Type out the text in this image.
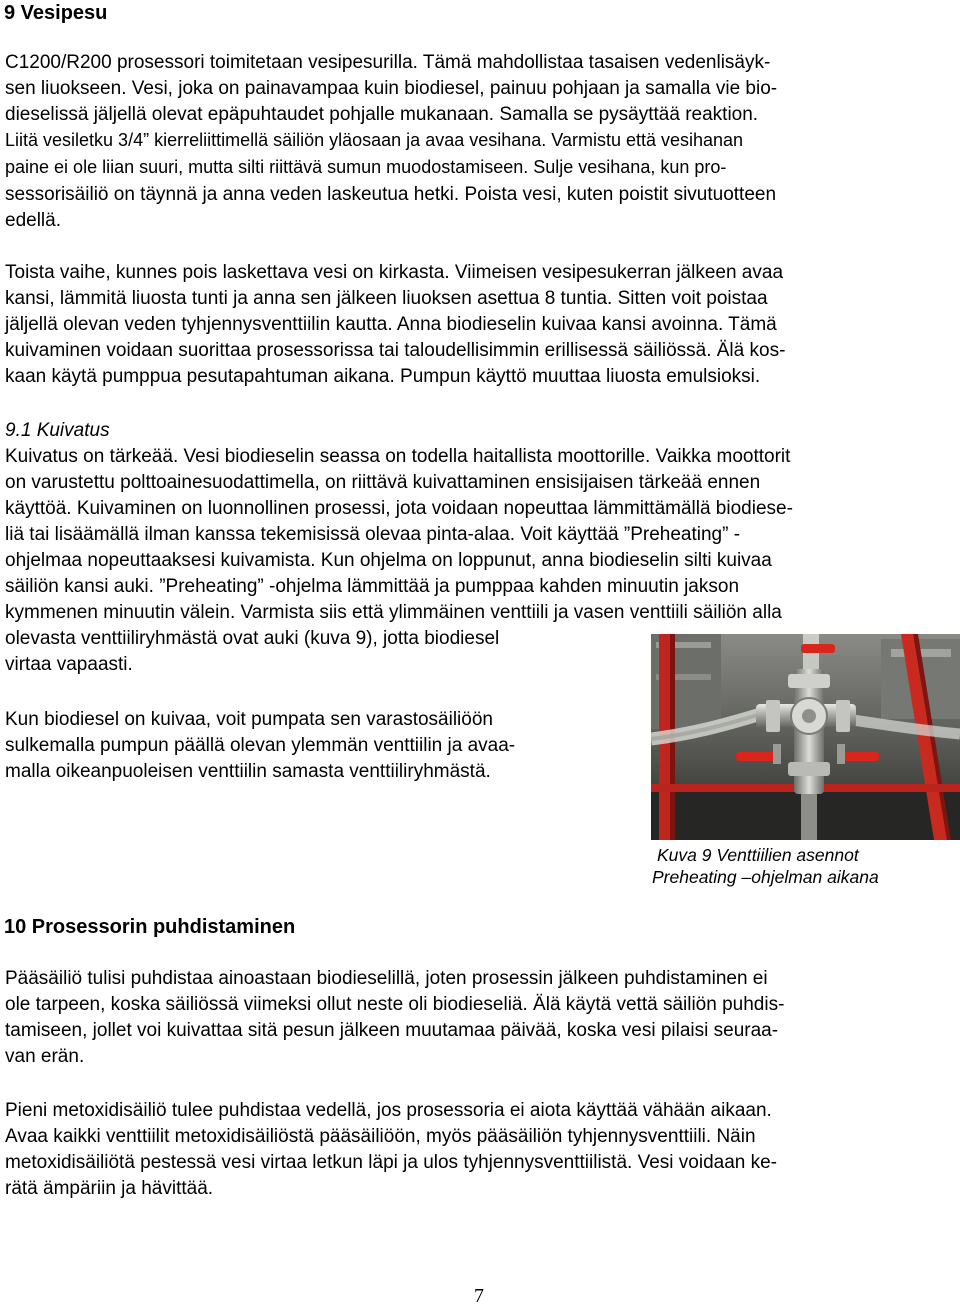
9 Vesipesu
C1200/R200 prosessori toimitetaan vesipesurilla. Tämä mahdollistaa tasaisen vedenlisäyk-
sen liuokseen. Vesi, joka on painavampaa kuin biodiesel, painuu pohjaan ja samalla vie bio-
dieselissä jäljellä olevat epäpuhtaudet pohjalle mukanaan. Samalla se pysäyttää reaktion.
Liitä vesiletku 3/4” kierreliittimellä säiliön yläosaan ja avaa vesihana. Varmistu että vesihanan
paine ei ole liian suuri, mutta silti riittävä sumun muodostamiseen. Sulje vesihana, kun pro-
sessorisäiliö on täynnä ja anna veden laskeutua hetki. Poista vesi, kuten poistit sivutuotteen
edellä.
Toista vaihe, kunnes pois laskettava vesi on kirkasta. Viimeisen vesipesukerran jälkeen avaa
kansi, lämmitä liuosta tunti ja anna sen jälkeen liuoksen asettua 8 tuntia. Sitten voit poistaa
jäljellä olevan veden tyhjennysventtiilin kautta. Anna biodieselin kuivaa kansi avoinna. Tämä
kuivaminen voidaan suorittaa prosessorissa tai taloudellisimmin erillisessä säiliössä. Älä kos-
kaan käytä pumppua pesutapahtuman aikana. Pumpun käyttö muuttaa liuosta emulsioksi.
9.1 Kuivatus
Kuivatus on tärkeää. Vesi biodieselin seassa on todella haitallista moottorille. Vaikka moottorit
on varustettu polttoainesuodattimella, on riittävä kuivattaminen ensisijaisen tärkeää ennen
käyttöä. Kuivaminen on luonnollinen prosessi, jota voidaan nopeuttaa lämmittämällä biodiese-
liä tai lisäämällä ilman kanssa tekemisissä olevaa pinta-alaa. Voit käyttää ”Preheating” -
ohjelmaa nopeuttaaksesi kuivamista. Kun ohjelma on loppunut, anna biodieselin silti kuivaa
säiliön kansi auki. ”Preheating” -ohjelma lämmittää ja pumppaa kahden minuutin jakson
kymmenen minuutin välein. Varmista siis että ylimmäinen venttiili ja vasen venttiili säiliön alla
olevasta venttiiliryhmästä ovat auki (kuva 9), jotta biodiesel
virtaa vapaasti.
Kun biodiesel on kuivaa, voit pumpata sen varastosäiliöön
sulkemalla pumpun päällä olevan ylemmän venttiilin ja avaa-
malla oikeanpuoleisen venttiilin samasta venttiiliryhmästä.
Kuva 9 Venttiilien asennot
Preheating –ohjelman aikana
10 Prosessorin puhdistaminen
Pääsäiliö tulisi puhdistaa ainoastaan biodieselillä, joten prosessin jälkeen puhdistaminen ei
ole tarpeen, koska säiliössä viimeksi ollut neste oli biodieseliä. Älä käytä vettä säiliön puhdis-
tamiseen, jollet voi kuivattaa sitä pesun jälkeen muutamaa päivää, koska vesi pilaisi seuraa-
van erän.
Pieni metoxidisäiliö tulee puhdistaa vedellä, jos prosessoria ei aiota käyttää vähään aikaan.
Avaa kaikki venttiilit metoxidisäiliöstä pääsäiliöön, myös pääsäiliön tyhjennysventtiili. Näin
metoxidisäiliötä pestessä vesi virtaa letkun läpi ja ulos tyhjennysventtiilistä. Vesi voidaan ke-
rätä ämpäriin ja hävittää.
7
